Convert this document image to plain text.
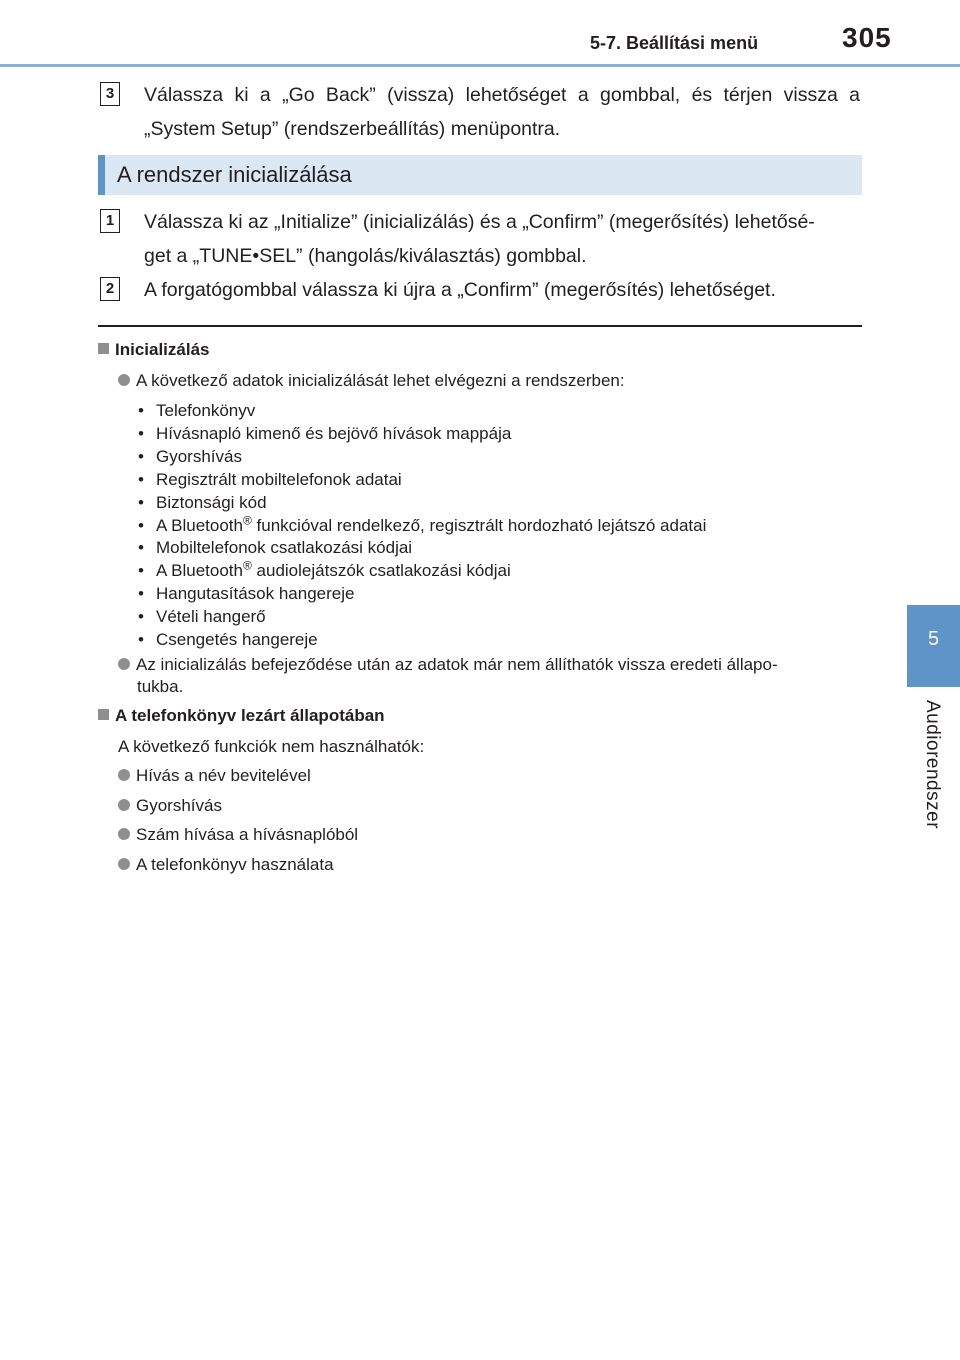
5-7. Beállítási menü	305
5
Audiorendszer
3 Válassza ki a „Go Back” (vissza) lehetőséget a gombbal, és térjen vissza a
„System Setup” (rendszerbeállítás) menüpontra.
A rendszer inicializálása
1 Válassza ki az „Initialize” (inicializálás) és a „Confirm” (megerősítés) lehetősé-
get a „TUNE•SEL” (hangolás/kiválasztás) gombbal.
2 A forgatógombbal válassza ki újra a „Confirm” (megerősítés) lehetőséget.
Inicializálás
A következő adatok inicializálását lehet elvégezni a rendszerben:
• Telefonkönyv
• Hívásnapló kimenő és bejövő hívások mappája
• Gyorshívás
• Regisztrált mobiltelefonok adatai
• Biztonsági kód
• A Bluetooth® funkcióval rendelkező, regisztrált hordozható lejátszó adatai
• Mobiltelefonok csatlakozási kódjai
• A Bluetooth® audiolejátszók csatlakozási kódjai
• Hangutasítások hangereje
• Vételi hangerő
• Csengetés hangereje
Az inicializálás befejeződése után az adatok már nem állíthatók vissza eredeti állapo-
tukba.
A telefonkönyv lezárt állapotában
A következő funkciók nem használhatók:
Hívás a név bevitelével
Gyorshívás
Szám hívása a hívásnaplóból
A telefonkönyv használata
